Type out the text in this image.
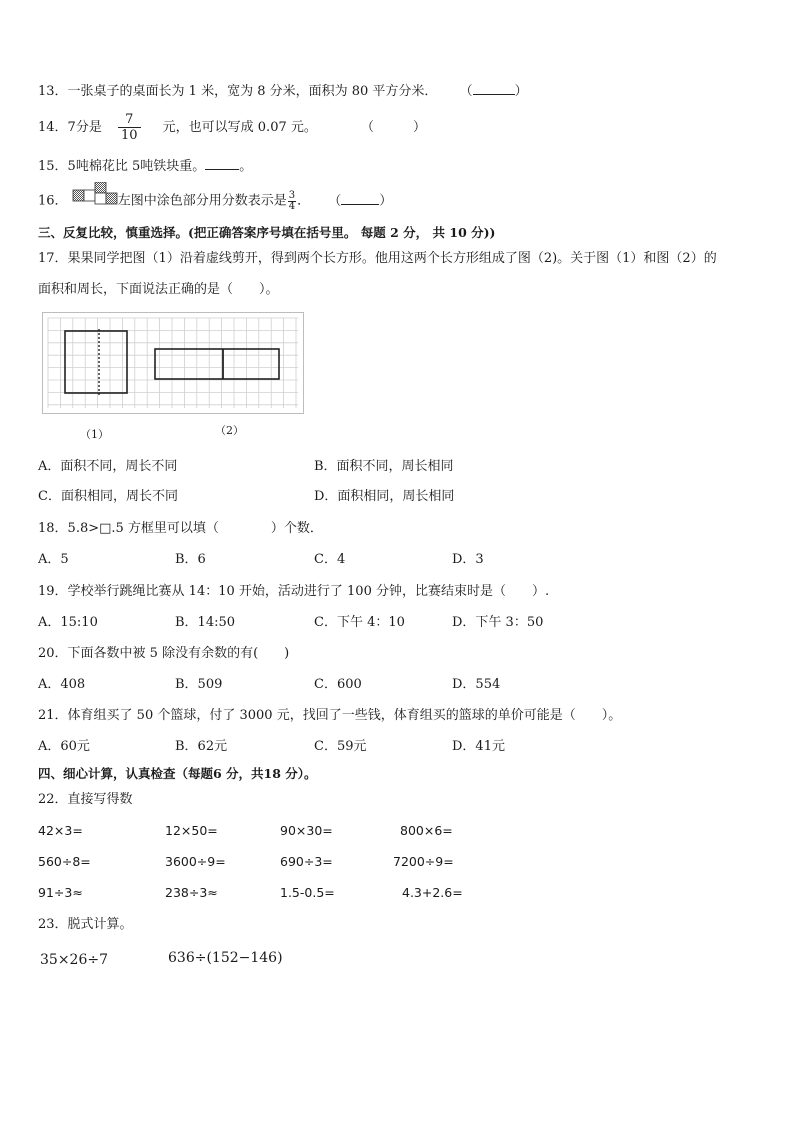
13．一张桌子的桌面长为 1 米，宽为 8 分米，面积为 80 平方分米． （	）
14．7分是 $\frac{7}{10}$ 元，也可以写成 0.07 元。	（　　　）
15．5吨棉花比 5吨铁块重。	。
16．	左图中涂色部分用分数表示是 $\frac{3}{4}$ ． （	）
三、反复比较，慎重选择。(把正确答案序号填在括号里。 每题 2 分， 共 10 分))
17．果果同学把图（1）沿着虚线剪开，得到两个长方形。他用这两个长方形组成了图（2)。关于图（1）和图（2）的
面积和周长，下面说法正确的是（　　）。
（1）	（2）
A．面积不同，周长不同	B．面积不同，周长相同
C．面积相同，周长不同	D．面积相同，周长相同
18．5.8>□.5 方框里可以填（　　　　）个数．
A．5	B．6	C．4	D．3
19．学校举行跳绳比赛从 14：10 开始，活动进行了 100 分钟，比赛结束时是（　　）.
A．15:10	B．14:50	C．下午 4：10	D．下午 3：50
20．下面各数中被 5 除没有余数的有(　　)
A．408	B．509	C．600	D．554
21．体育组买了 50 个篮球，付了 3000 元，找回了一些钱，体育组买的篮球的单价可能是（　　）。
A．60元	B．62元	C．59元	D．41元
四、细心计算，认真检查（每题6 分，共18 分）。
22．直接写得数
42×3=	12×50=	90×30=	800×6=
560÷8=	3600÷9=	690÷3=	7200÷9=
91÷3≈	238÷3≈	1.5-0.5=	4.3+2.6=
23．脱式计算。
35×26÷7	636÷(152−146)
